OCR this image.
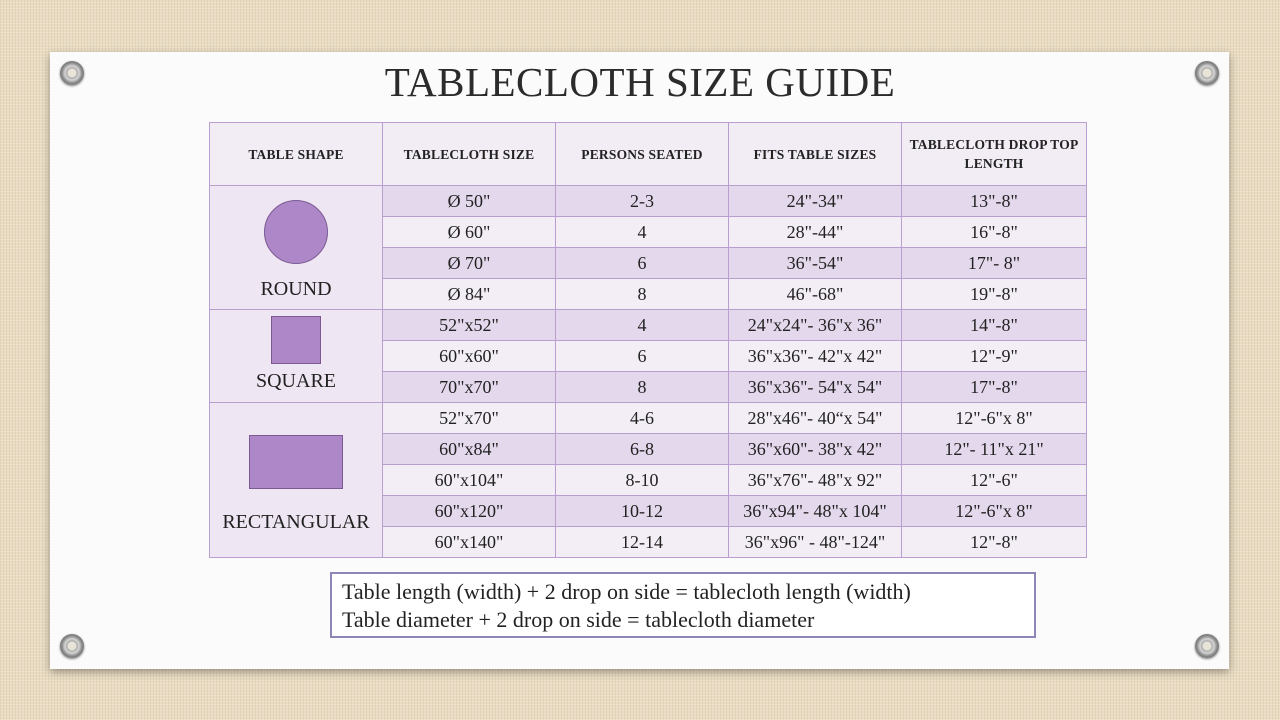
TABLECLOTH SIZE GUIDE
TABLE SHAPE	TABLECLOTH SIZE	PERSONS SEATED	FITS TABLE SIZES	TABLECLOTH DROP TOP LENGTH

ROUND	Ø 50"	2-3	24"-34"	13"-8"
	Ø 60"	4	28"-44"	16"-8"
	Ø 70"	6	36"-54"	17"- 8"
	Ø 84"	8	46"-68"	19"-8"

SQUARE	52"x52"	4	24"x24"- 36"x 36"	14"-8"
	60"x60"	6	36"x36"- 42"x 42"	12"-9"
	70"x70"	8	36"x36"- 54"x 54"	17"-8"

RECTANGULAR	52"x70"	4-6	28"x46"- 40“x 54"	12"-6"x 8"
	60"x84"	6-8	36"x60"- 38"x 42"	12"- 11"x 21"
	60"x104"	8-10	36"x76"- 48"x 92"	12"-6"
	60"x120"	10-12	36"x94"- 48"x 104"	12"-6"x 8"
	60"x140"	12-14	36"x96" - 48"-124"	12"-8"
Table length (width) + 2 drop on side = tablecloth length (width)
Table diameter + 2 drop on side = tablecloth diameter
